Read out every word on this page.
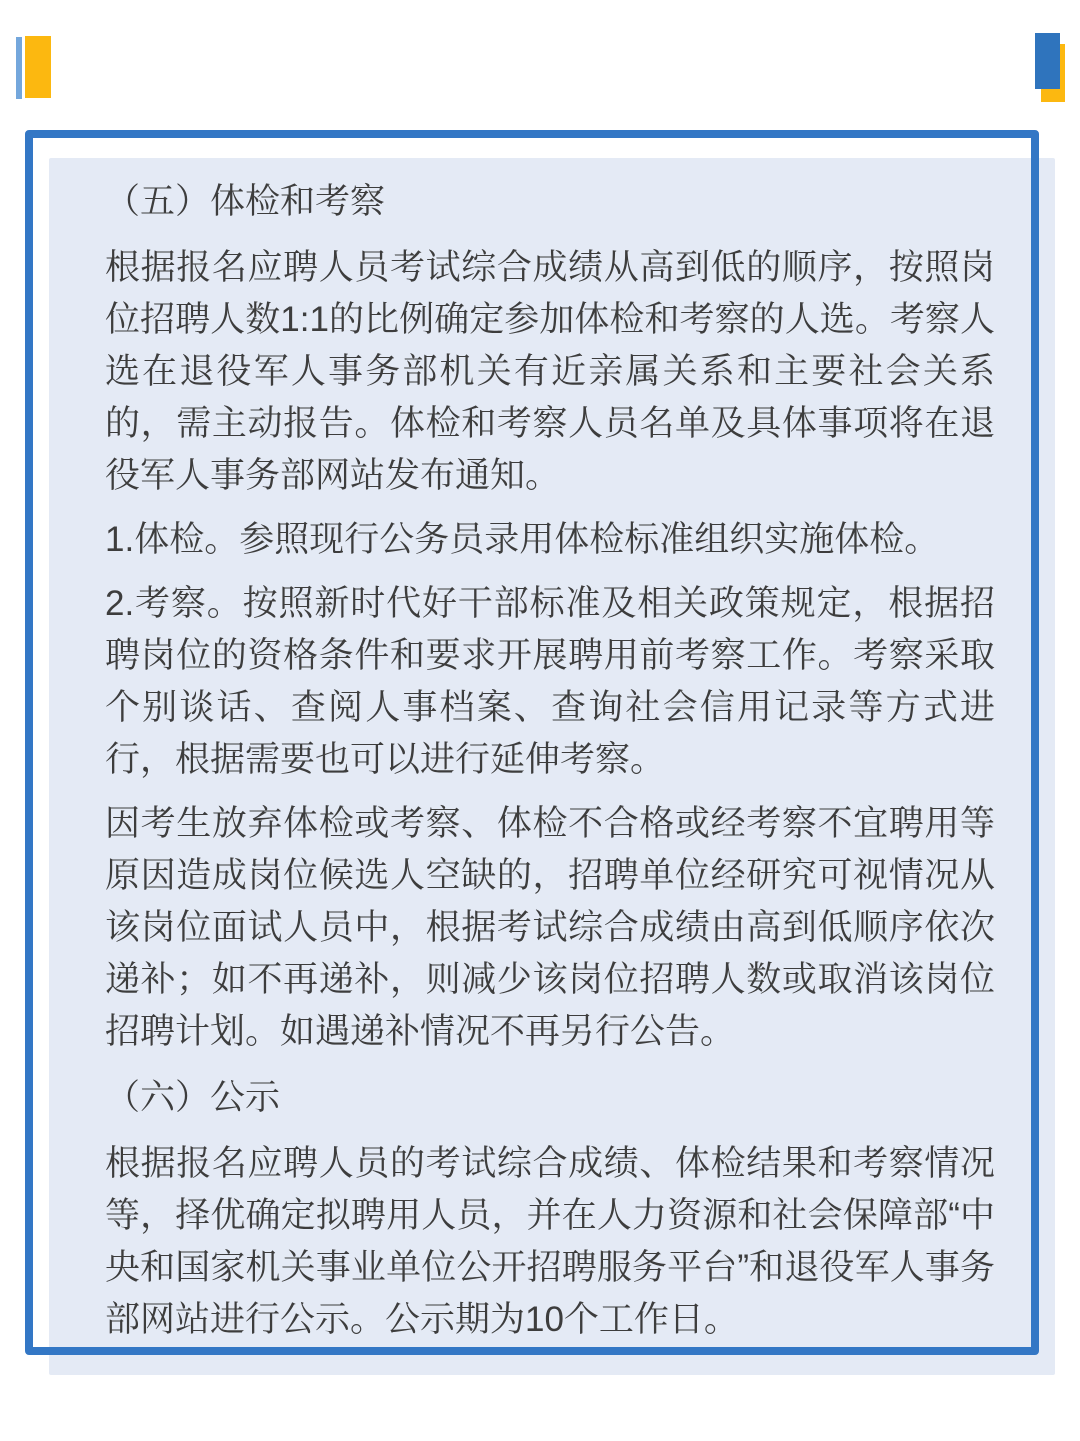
（五）体检和考察

根据报名应聘人员考试综合成绩从高到低的顺序，按照岗位招聘人数1:1的比例确定参加体检和考察的人选。考察人选在退役军人事务部机关有近亲属关系和主要社会关系的，需主动报告。体检和考察人员名单及具体事项将在退役军人事务部网站发布通知。

1.体检。参照现行公务员录用体检标准组织实施体检。

2.考察。按照新时代好干部标准及相关政策规定，根据招聘岗位的资格条件和要求开展聘用前考察工作。考察采取个别谈话、查阅人事档案、查询社会信用记录等方式进行，根据需要也可以进行延伸考察。

因考生放弃体检或考察、体检不合格或经考察不宜聘用等原因造成岗位候选人空缺的，招聘单位经研究可视情况从该岗位面试人员中，根据考试综合成绩由高到低顺序依次递补；如不再递补，则减少该岗位招聘人数或取消该岗位招聘计划。如遇递补情况不再另行公告。

（六）公示

根据报名应聘人员的考试综合成绩、体检结果和考察情况等，择优确定拟聘用人员，并在人力资源和社会保障部“中央和国家机关事业单位公开招聘服务平台”和退役军人事务部网站进行公示。公示期为10个工作日。
